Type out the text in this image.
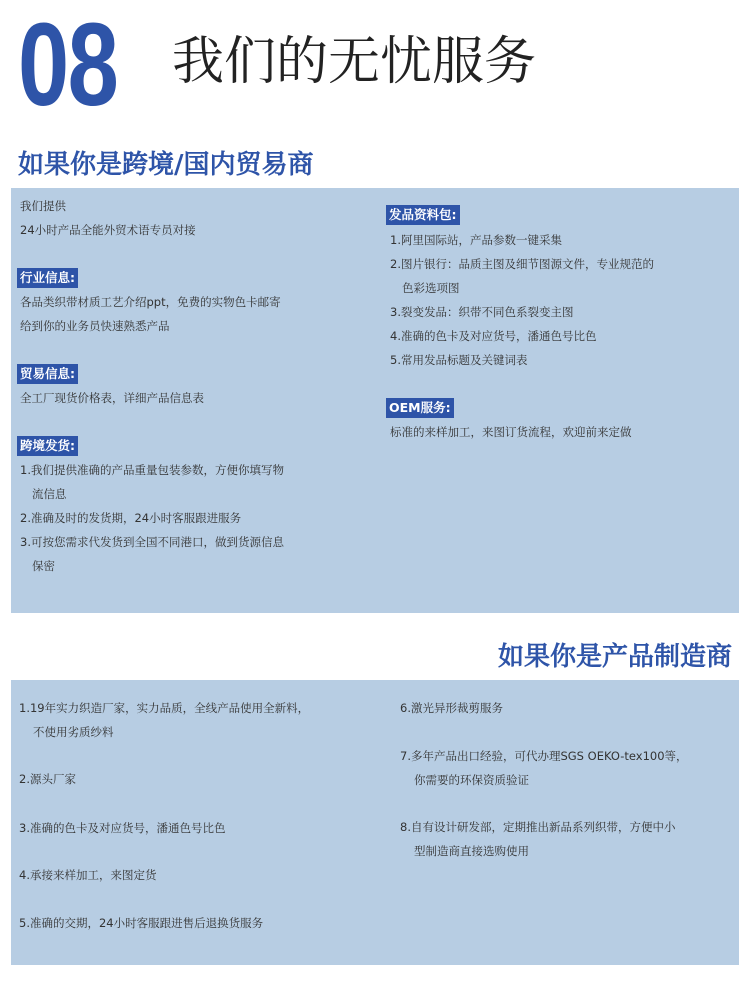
08 我们的无忧服务
如果你是跨境/国内贸易商
我们提供
24小时产品全能外贸术语专员对接
行业信息:
各品类织带材质工艺介绍ppt，免费的实物色卡邮寄
给到你的业务员快速熟悉产品
贸易信息:
全工厂现货价格表，详细产品信息表
跨境发货:
1.我们提供准确的产品重量包装参数，方便你填写物
流信息
2.准确及时的发货期，24小时客服跟进服务
3.可按您需求代发货到全国不同港口，做到货源信息
保密
发品资料包:
1.阿里国际站，产品参数一键采集
2.图片银行：品质主图及细节图源文件，专业规范的
色彩选项图
3.裂变发品：织带不同色系裂变主图
4.准确的色卡及对应货号，潘通色号比色
5.常用发品标题及关键词表
OEM服务:
标准的来样加工，来图订货流程，欢迎前来定做
如果你是产品制造商
1.19年实力织造厂家，实力品质，全线产品使用全新料，
不使用劣质纱料
2.源头厂家
3.准确的色卡及对应货号，潘通色号比色
4.承接来样加工，来图定货
5.准确的交期，24小时客服跟进售后退换货服务
6.激光异形裁剪服务
7.多年产品出口经验，可代办理SGS OEKO-tex100等，
你需要的环保资质验证
8.自有设计研发部，定期推出新品系列织带，方便中小
型制造商直接选购使用
